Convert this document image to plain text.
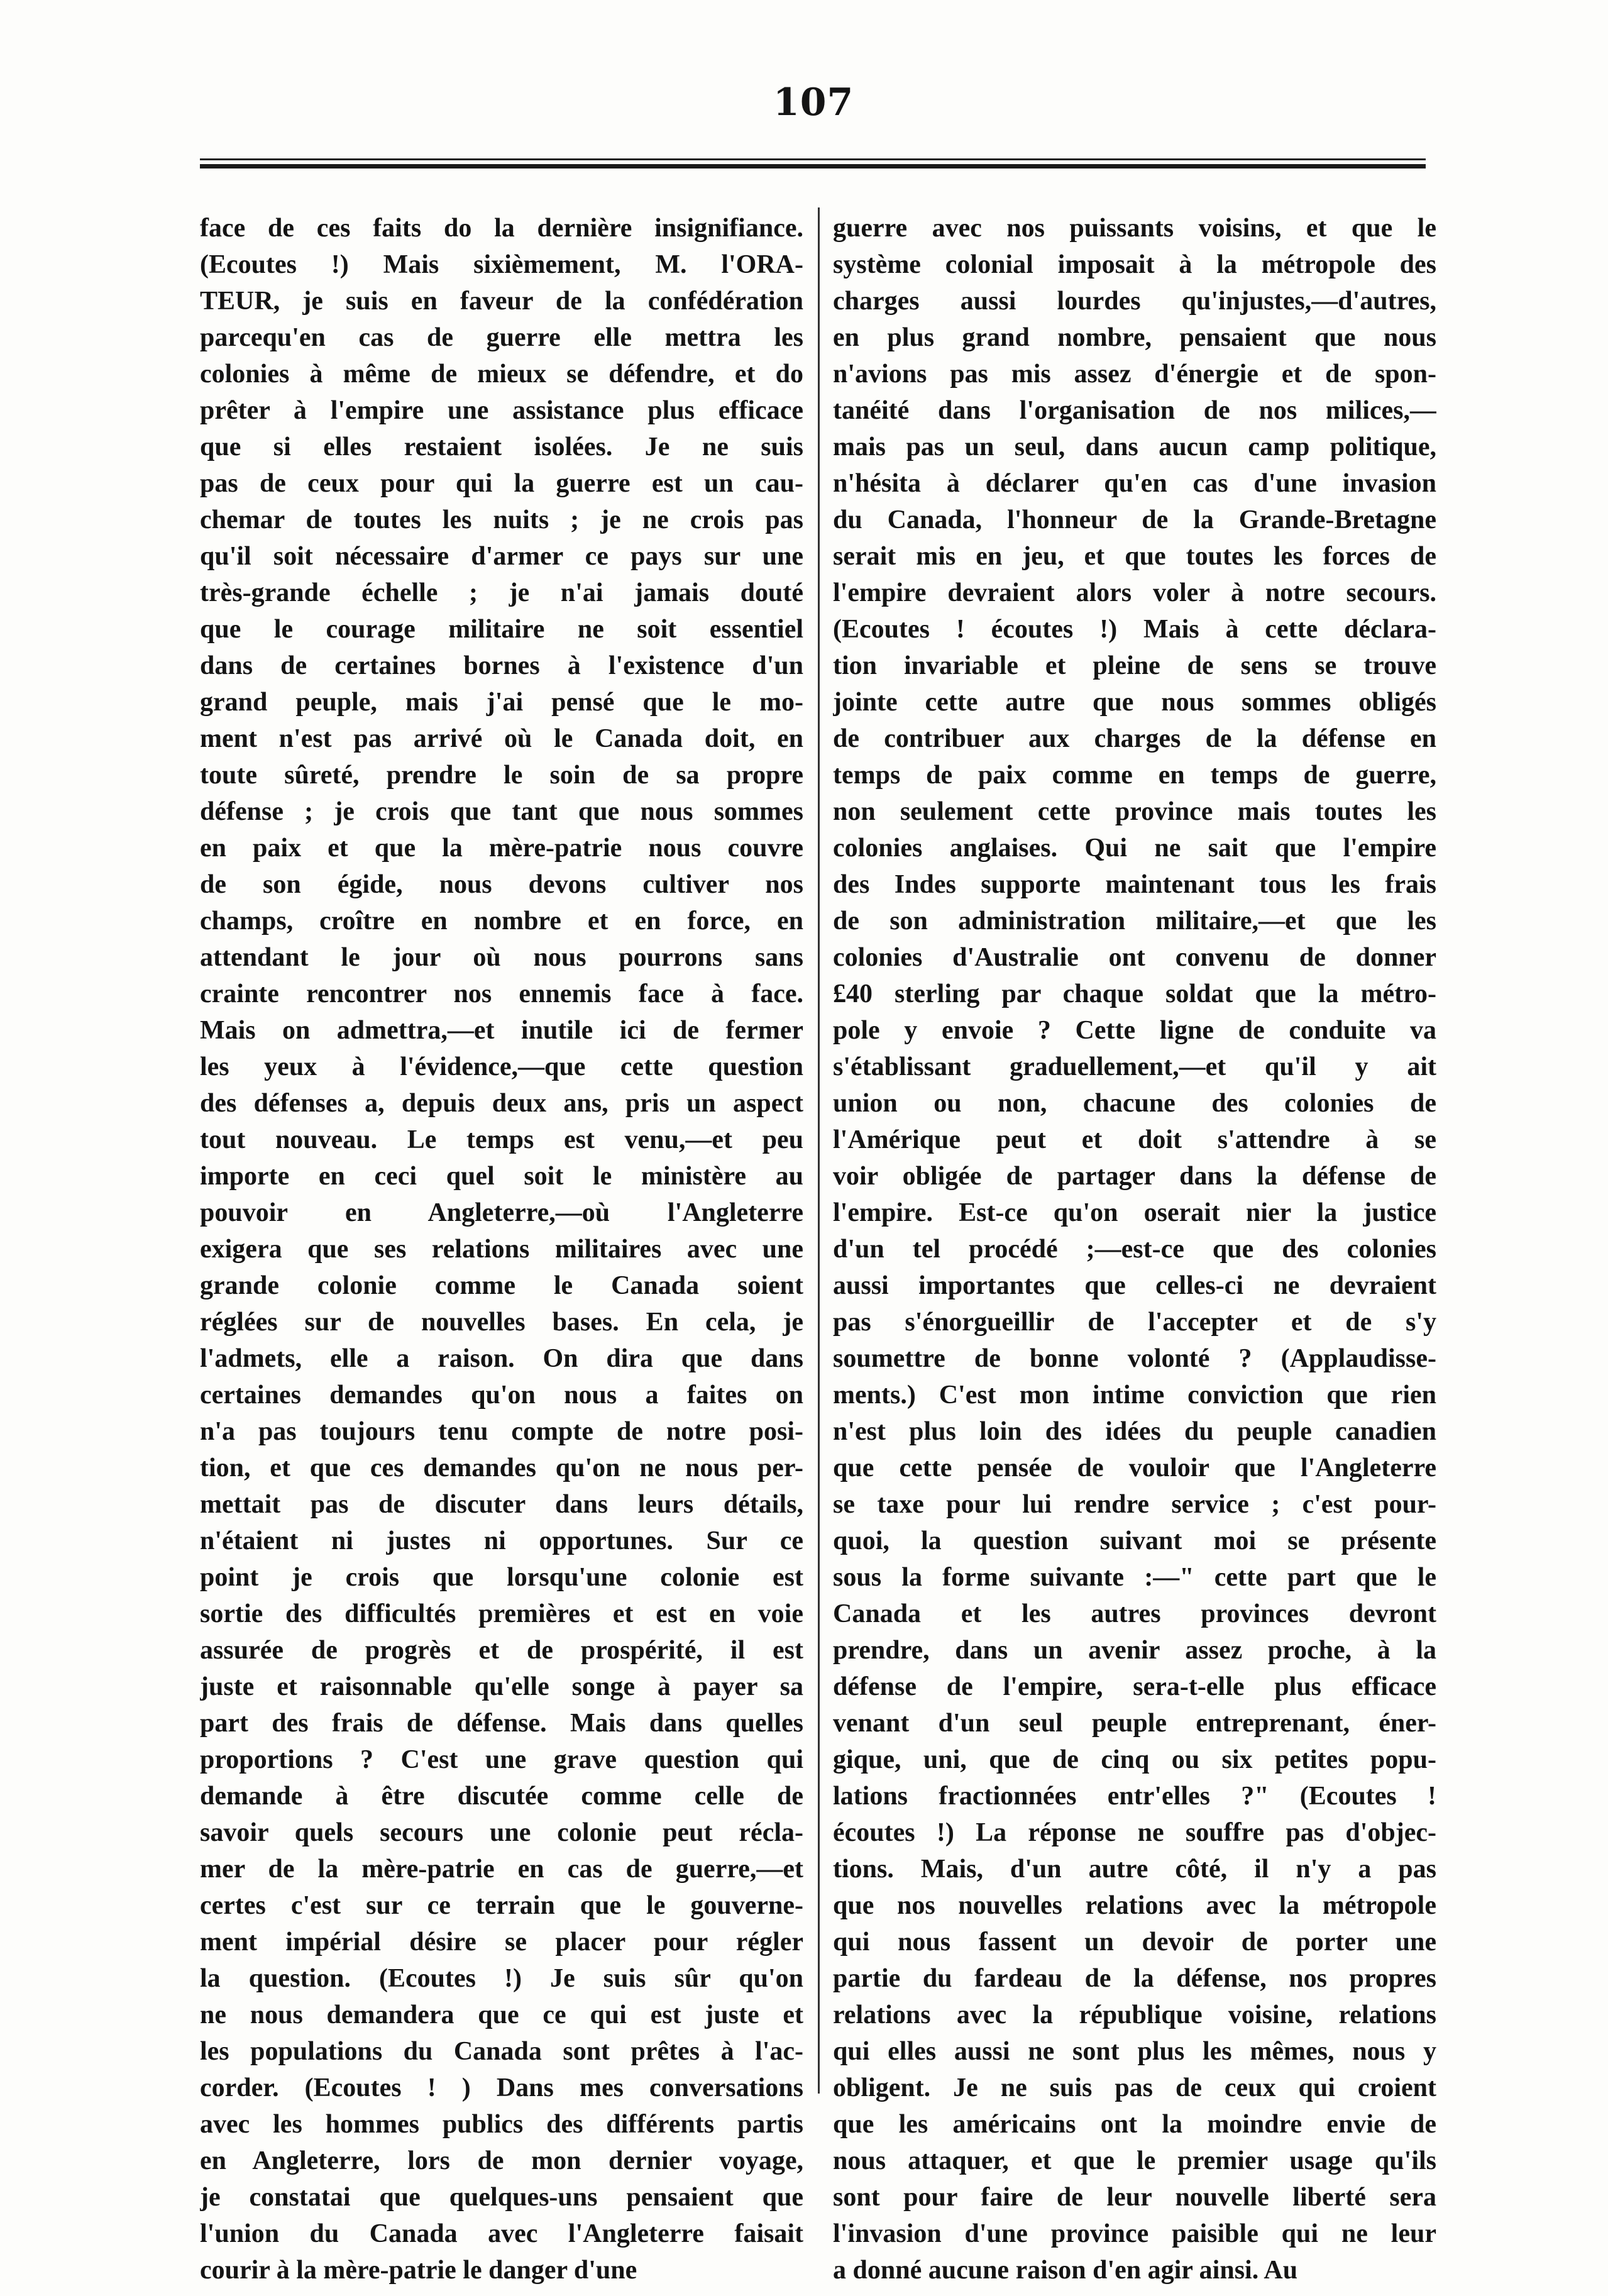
107
face de ces faits do la dernière insignifiance.
(Ecoutes !) Mais sixièmement, M. l'ORA-
TEUR, je suis en faveur de la confédération
parcequ'en cas de guerre elle mettra les
colonies à même de mieux se défendre, et do
prêter à l'empire une assistance plus efficace
que si elles restaient isolées. Je ne suis
pas de ceux pour qui la guerre est un cau-
chemar de toutes les nuits ; je ne crois pas
qu'il soit nécessaire d'armer ce pays sur une
très-grande échelle ; je n'ai jamais douté
que le courage militaire ne soit essentiel
dans de certaines bornes à l'existence d'un
grand peuple, mais j'ai pensé que le mo-
ment n'est pas arrivé où le Canada doit, en
toute sûreté, prendre le soin de sa propre
défense ; je crois que tant que nous sommes
en paix et que la mère-patrie nous couvre
de son égide, nous devons cultiver nos
champs, croître en nombre et en force, en
attendant le jour où nous pourrons sans
crainte rencontrer nos ennemis face à face.
Mais on admettra,—et inutile ici de fermer
les yeux à l'évidence,—que cette question
des défenses a, depuis deux ans, pris un aspect
tout nouveau. Le temps est venu,—et peu
importe en ceci quel soit le ministère au
pouvoir en Angleterre,—où l'Angleterre
exigera que ses relations militaires avec une
grande colonie comme le Canada soient
réglées sur de nouvelles bases. En cela, je
l'admets, elle a raison. On dira que dans
certaines demandes qu'on nous a faites on
n'a pas toujours tenu compte de notre posi-
tion, et que ces demandes qu'on ne nous per-
mettait pas de discuter dans leurs détails,
n'étaient ni justes ni opportunes. Sur ce
point je crois que lorsqu'une colonie est
sortie des difficultés premières et est en voie
assurée de progrès et de prospérité, il est
juste et raisonnable qu'elle songe à payer sa
part des frais de défense. Mais dans quelles
proportions ? C'est une grave question qui
demande à être discutée comme celle de
savoir quels secours une colonie peut récla-
mer de la mère-patrie en cas de guerre,—et
certes c'est sur ce terrain que le gouverne-
ment impérial désire se placer pour régler
la question. (Ecoutes !) Je suis sûr qu'on
ne nous demandera que ce qui est juste et
les populations du Canada sont prêtes à l'ac-
corder. (Ecoutes ! ) Dans mes conversations
avec les hommes publics des différents partis
en Angleterre, lors de mon dernier voyage,
je constatai que quelques-uns pensaient que
l'union du Canada avec l'Angleterre faisait
courir à la mère-patrie le danger d'une
guerre avec nos puissants voisins, et que le
système colonial imposait à la métropole des
charges aussi lourdes qu'injustes,—d'autres,
en plus grand nombre, pensaient que nous
n'avions pas mis assez d'énergie et de spon-
tanéité dans l'organisation de nos milices,—
mais pas un seul, dans aucun camp politique,
n'hésita à déclarer qu'en cas d'une invasion
du Canada, l'honneur de la Grande-Bretagne
serait mis en jeu, et que toutes les forces de
l'empire devraient alors voler à notre secours.
(Ecoutes ! écoutes !) Mais à cette déclara-
tion invariable et pleine de sens se trouve
jointe cette autre que nous sommes obligés
de contribuer aux charges de la défense en
temps de paix comme en temps de guerre,
non seulement cette province mais toutes les
colonies anglaises. Qui ne sait que l'empire
des Indes supporte maintenant tous les frais
de son administration militaire,—et que les
colonies d'Australie ont convenu de donner
£40 sterling par chaque soldat que la métro-
pole y envoie ? Cette ligne de conduite va
s'établissant graduellement,—et qu'il y ait
union ou non, chacune des colonies de
l'Amérique peut et doit s'attendre à se
voir obligée de partager dans la défense de
l'empire. Est-ce qu'on oserait nier la justice
d'un tel procédé ;—est-ce que des colonies
aussi importantes que celles-ci ne devraient
pas s'énorgueillir de l'accepter et de s'y
soumettre de bonne volonté ? (Applaudisse-
ments.) C'est mon intime conviction que rien
n'est plus loin des idées du peuple canadien
que cette pensée de vouloir que l'Angleterre
se taxe pour lui rendre service ; c'est pour-
quoi, la question suivant moi se présente
sous la forme suivante :—" cette part que le
Canada et les autres provinces devront
prendre, dans un avenir assez proche, à la
défense de l'empire, sera-t-elle plus efficace
venant d'un seul peuple entreprenant, éner-
gique, uni, que de cinq ou six petites popu-
lations fractionnées entr'elles ?" (Ecoutes !
écoutes !) La réponse ne souffre pas d'objec-
tions. Mais, d'un autre côté, il n'y a pas
que nos nouvelles relations avec la métropole
qui nous fassent un devoir de porter une
partie du fardeau de la défense, nos propres
relations avec la république voisine, relations
qui elles aussi ne sont plus les mêmes, nous y
obligent. Je ne suis pas de ceux qui croient
que les américains ont la moindre envie de
nous attaquer, et que le premier usage qu'ils
sont pour faire de leur nouvelle liberté sera
l'invasion d'une province paisible qui ne leur
a donné aucune raison d'en agir ainsi. Au
